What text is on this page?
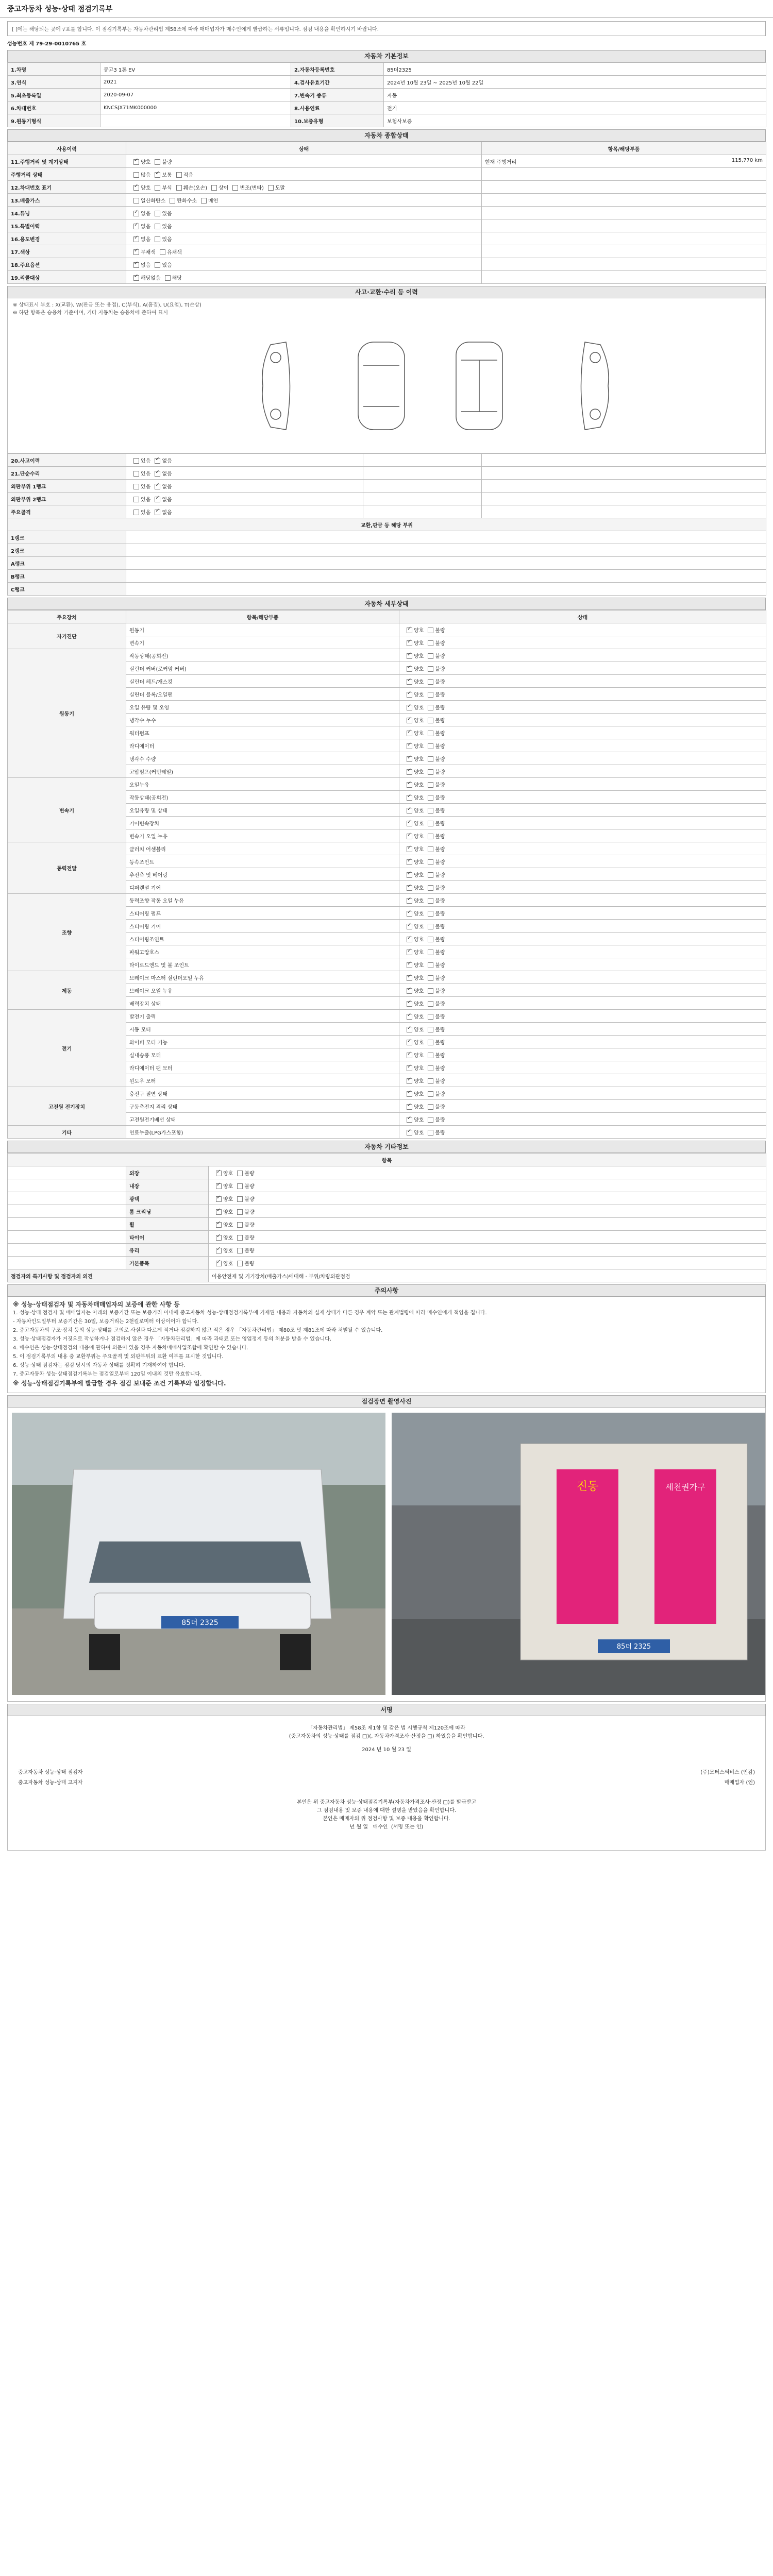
중고자동차 성능·상태 점검기록부
[ ]에는 해당되는 곳에 √표를 합니다. 이 점검기록부는 자동차관리법 제58조에 따라 매매업자가 매수인에게 발급하는 서류입니다. 점검 내용을 확인하시기 바랍니다.
성능번호 제 79-29-0010765 호
자동차 기본정보
1.차명	봉고3 1톤 EV	2.자동차등록번호	85더2325
3.연식	2021	4.검사유효기간	2024년 10월 23일 ~ 2025년 10월 22일
5.최초등록일	2020-09-07	7.변속기 종류	자동
6.차대번호	KNCSJX71MK000000	8.사용연료	전기
9.원동기형식		10.보증유형	보험사보증
자동차 종합상태
사용이력	상태	항목/해당부품
11.주행거리 및 계기상태	✓양호 불량	현재 주행거리 115,770 km

주행거리 상태	많음 ✓ 보통 적음	

12.차대번호 표기	✓양호 부식 훼손(오손) 상이 변조(변타) 도말	

13.배출가스	일산화탄소 탄화수소 매연	

14.튜닝	✓없음 있음	

15.특별이력	✓없음 있음	

16.용도변경	✓없음 있음	

17.색상	✓무채색 유채색	

18.주요옵션	✓없음 있음	

19.리콜대상	✓해당없음 해당	
사고·교환·수리 등 이력
※ 상태표시 부호 : X(교환), W(판금 또는 용접), C(부식), A(흠집), U(요철), T(손상)
※ 하단 항목은 승용차 기준이며, 기타 자동차는 승용차에 준하여 표시
20.사고이력	있음 ✓ 없음		
21.단순수리	있음 ✓ 없음		
외판부위 1랭크	있음 ✓ 없음		
외판부위 2랭크	있음 ✓ 없음		
주요골격	있음 ✓ 없음		
교환,판금 등 해당 부위			
1랭크			
2랭크			
A랭크			
B랭크			
C랭크			
자동차 세부상태
주요장치	항목/해당부품	상태
자기진단	원동기	✓양호 불량
	변속기	✓양호 불량
원동기	작동상태(공회전)	✓양호 불량
	실린더 커버(로커암 커버)	✓양호 불량
	실린더 헤드/개스킷	✓양호 불량
	실린더 블록/오일팬	✓양호 불량
	오일 유량 및 오염	✓양호 불량
	냉각수 누수	✓양호 불량
	워터펌프	✓양호 불량
	라디에이터	✓양호 불량
	냉각수 수량	✓양호 불량
	고압펌프(커먼레일)	✓양호 불량
변속기	오일누유	✓양호 불량
	작동상태(공회전)	✓양호 불량
	오일유량 및 상태	✓양호 불량
	기어변속장치	✓양호 불량
	변속기 오일 누유	✓양호 불량
동력전달	클러치 어셈블리	✓양호 불량
	등속조인트	✓양호 불량
	추진축 및 베어링	✓양호 불량
	디퍼렌셜 기어	✓양호 불량
조향	동력조향 작동 오일 누유	✓양호 불량
	스티어링 펌프	✓양호 불량
	스티어링 기어	✓양호 불량
	스티어링조인트	✓양호 불량
	파워고압호스	✓양호 불량
	타이로드엔드 및 볼 조인트	✓양호 불량
제동	브레이크 마스터 실린더오일 누유	✓양호 불량
	브레이크 오일 누유	✓양호 불량
	배력장치 상태	✓양호 불량
전기	발전기 출력	✓양호 불량
	시동 모터	✓양호 불량
	와이퍼 모터 기능	✓양호 불량
	실내송풍 모터	✓양호 불량
	라디에이터 팬 모터	✓양호 불량
	윈도우 모터	✓양호 불량
고전원 전기장치	충전구 절연 상태	✓양호 불량
	구동축전지 격리 상태	✓양호 불량
	고전원전기배선 상태	✓양호 불량
기타	연료누출(LPG가스포함)	✓양호 불량
자동차 기타정보
항목		
	외장	✓양호 불량
	내장	✓양호 불량
	광택	✓양호 불량
	룸 크리닝	✓양호 불량
	휠	✓양호 불량
	타이어	✓양호 불량
	유리	✓양호 불량
	기본품목	✓양호 불량
점검자의 특기사항 및 점검자의 의견		이용안전제 및 기기장치(배출가스)에대해 · 부위/차량외관점검
주의사항

※ 성능·상태점검자 및 자동차매매업자의 보증에 관한 사항 등

1. 성능·상태 점검자 및 매매업자는 아래의 보증기간 또는 보증거리 이내에 중고자동차 성능·상태점검기록부에 기재된 내용과 자동차의 실제 상태가 다른 경우 계약 또는 관계법령에 따라 매수인에게 책임을 집니다.

- 자동차인도일부터 보증기간은 30일, 보증거리는 2천킬로미터 이상이어야 합니다.

2. 중고자동차의 구조·장치 등의 성능·상태를 고의로 사실과 다르게 적거나 점검하지 않고 적은 경우 「자동차관리법」 제80조 및 제81조에 따라 처벌될 수 있습니다.

3. 성능·상태점검자가 거짓으로 작성하거나 점검하지 않은 경우 「자동차관리법」에 따라 과태료 또는 영업정지 등의 처분을 받을 수 있습니다.

4. 매수인은 성능·상태점검의 내용에 관하여 의문이 있을 경우 자동차매매사업조합에 확인할 수 있습니다.

5. 이 점검기록부의 내용 중 교환부위는 주요골격 및 외판부위의 교환 여부를 표시한 것입니다.

6. 성능·상태 점검자는 점검 당시의 자동차 상태를 정확히 기재하여야 합니다.

7. 중고자동차 성능·상태점검기록부는 점검일로부터 120일 이내의 것만 유효합니다.

※ 성능·상태점검기록부에 발급할 경우 점검 보내준 조건 기록부와 일정합니다.

점검장면 촬영사진
85더 2325
진동	세천권가구
85더 2325
서명
「자동차관리법」 제58조 제1항 및 같은 법 시행규칙 제120조에 따라
(중고자동차의 성능·상태를 점검 □)(, 자동차가격조사·산정을 □) 하였음을 확인합니다.
2024 년 10 월 23 일
중고자동차 성능·상태 점검자	(주)모터스써비스 (인감)
중고자동차 성능·상태 고지자	매매업자 (인)
본인은 위 중고자동차 성능·상태점검기록부(자동차가격조사·산정 □)를 발급받고
그 점검내용 및 보증 내용에 대한 설명을 받았음을 확인합니다.
본인은 매매자의 위 점검사항 및 보증 내용을 확인합니다.
년 월 일 매수인 (서명 또는 인)
